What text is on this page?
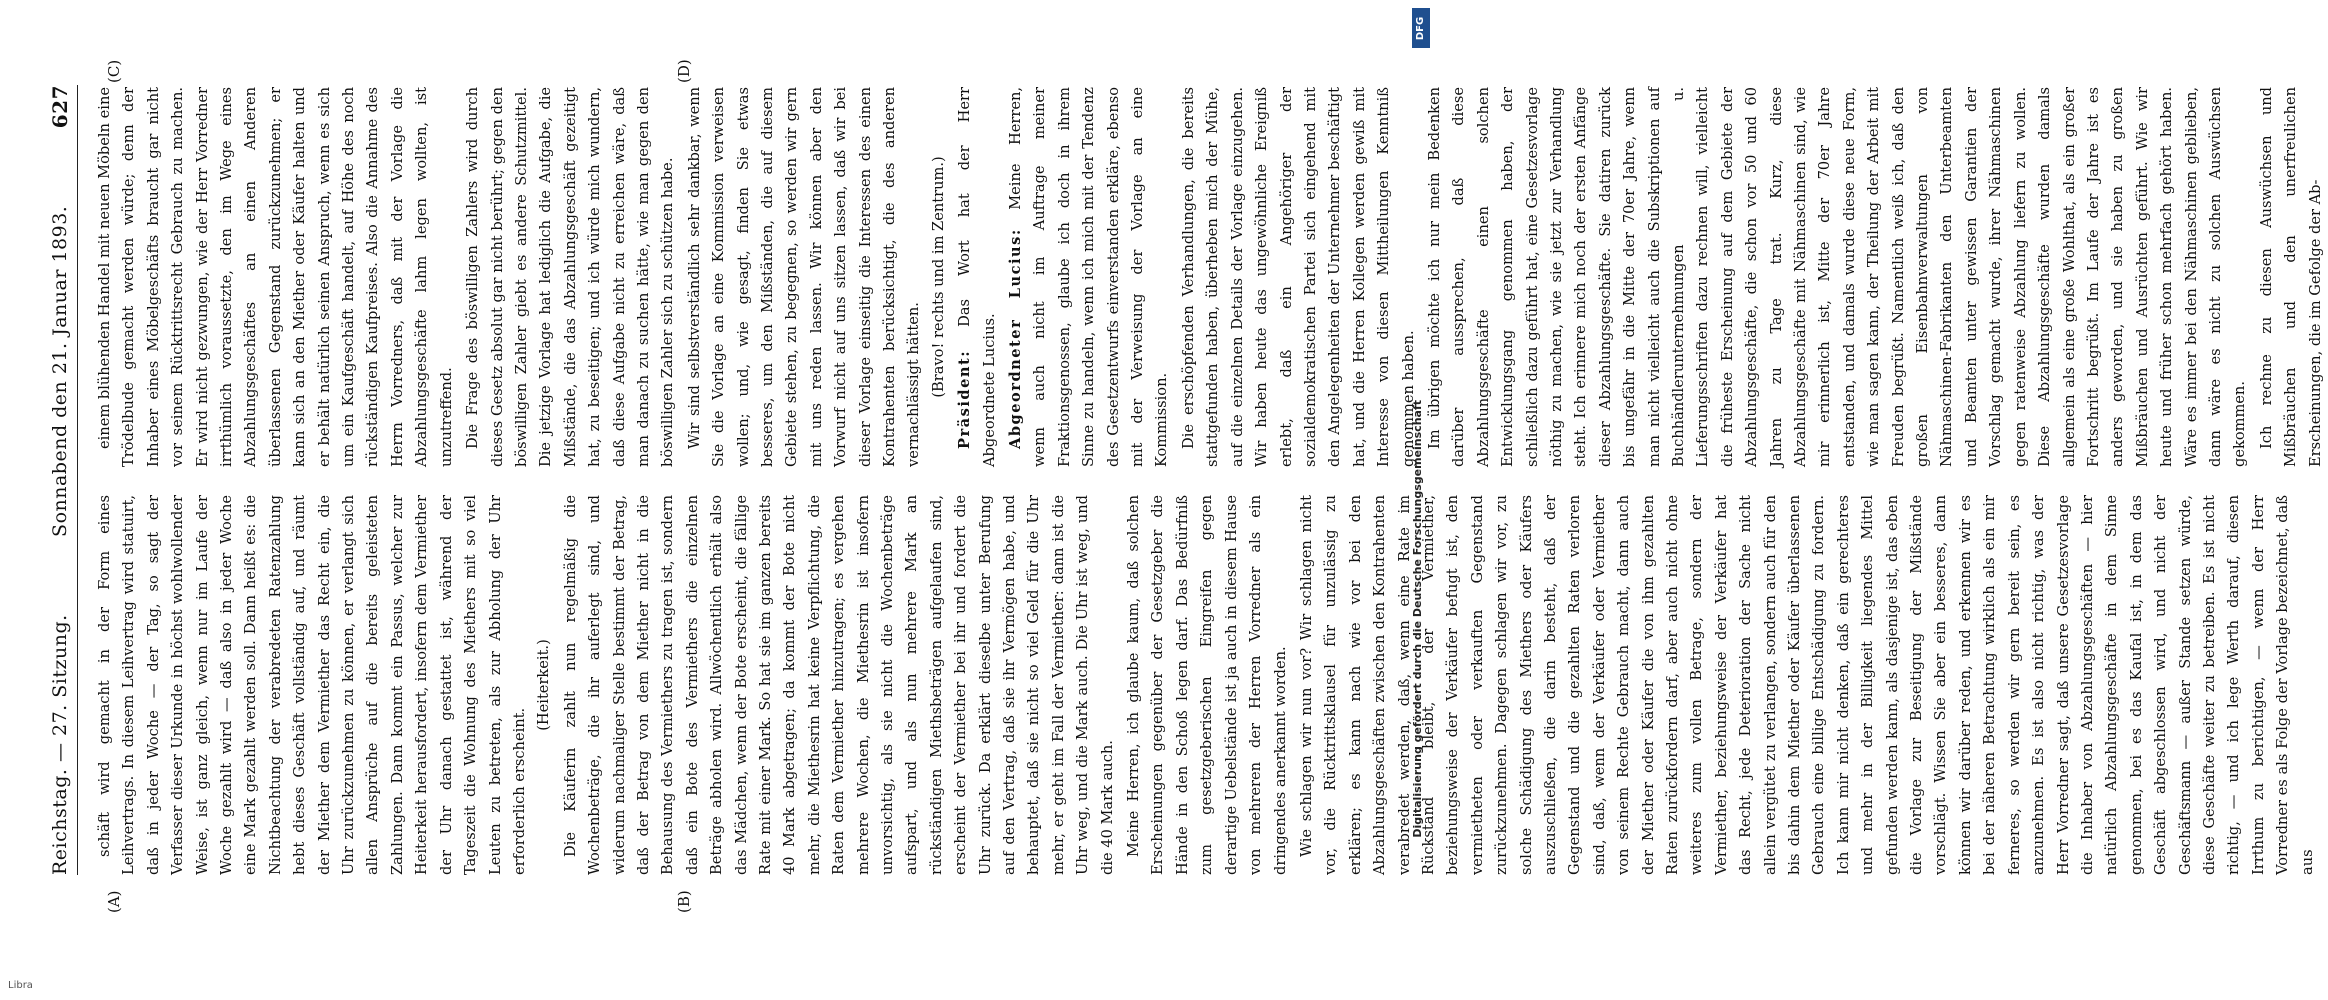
Reichstag. — 27. Sitzung.
Sonnabend den 21. Januar 1893.
627
(A)	(B)
(C)	(D)

schäft wird gemacht in der Form eines Leihvertrags. In diesem Leihvertrag wird statuirt, daß in jeder Woche — der Tag, so sagt der Verfasser dieser Urkunde in höchst wohlwollender Weise, ist ganz gleich, wenn nur im Laufe der Woche gezahlt wird — daß also in jeder Woche eine Mark gezahlt werden soll. Dann heißt es: die Nichtbeachtung der verabredeten Ratenzahlung hebt dieses Geschäft vollständig auf, und räumt der Miether dem Vermiether das Recht ein, die Uhr zurückzunehmen zu können, er verlangt sich allen Ansprüche auf die bereits geleisteten Zahlungen. Dann kommt ein Passus, welcher zur Heiterkeit herausfordert, insofern dem Vermiether der Uhr danach gestattet ist, während der Tageszeit die Wohnung des Miethers mit so viel Leuten zu betreten, als zur Abholung der Uhr erforderlich erscheint.

(Heiterkeit.) Die Käuferin zahlt nun regelmäßig die Wochenbeträge, die ihr auferlegt sind, und widerum nachmaliger Stelle bestimmt der Betrag, daß der Betrag von dem Miether nicht in die Behausung des Vermiethers zu tragen ist, sondern daß ein Bote des Vermiethers die einzelnen Beträge abholen wird. Allwöchentlich erhält also das Mädchen, wenn der Bote erscheint, die fällige Rate mit einer Mark. So hat sie im ganzen bereits 40 Mark abgetragen; da kommt der Bote nicht mehr, die Miethesrin hat keine Verpflichtung, die Raten dem Vermiether hinzutragen; es vergehen mehrere Wochen, die Miethesrin ist insofern unvorsichtig, als sie nicht die Wochenbeträge aufspart, und als nun mehrere Mark an rückständigen Miethsbeträgen aufgelaufen sind, erscheint der Vermiether bei ihr und fordert die Uhr zurück. Da erklärt dieselbe unter Berufung auf den Vertrag, daß sie ihr Vermögen habe, und behauptet, daß sie nicht so viel Geld für die Uhr mehr, er geht im Fall der Vermiether: dann ist die Uhr weg, und die Mark auch. Die Uhr ist weg, und die 40 Mark auch. Meine Herren, ich glaube kaum, daß solchen Erscheinungen gegenüber der Gesetzgeber die Hände in den Schoß legen darf. Das Bedürfniß zum gesetzgeberischen Eingreifen gegen derartige Uebelstände ist ja auch in diesem Hause von mehreren der Herren Vorredner als ein dringendes anerkannt worden. Wie schlagen wir nun vor? Wir schlagen nicht vor, die Rücktrittsklausel für unzulässig zu erklären; es kann nach wie vor bei den Abzahlungsgeschäften zwischen den Kontrahenten verabredet werden, daß, wenn eine Rate im Rückstand bleibt, der Vermiether, beziehungsweise der Verkäufer befugt ist, den vermietheten oder verkauften Gegenstand zurückzunehmen. Dagegen schlagen wir vor, zu solche Schädigung des Miethers oder Käufers auszuschließen, die darin besteht, daß der Gegenstand und die gezahlten Raten verloren sind, daß, wenn der Verkäufer oder Vermiether von seinem Rechte Gebrauch macht, dann auch der Miether oder Käufer die von ihm gezahlten Raten zurückfordern darf, aber auch nicht ohne weiteres zum vollen Betrage, sondern der Vermiether, beziehungsweise der Verkäufer hat das Recht, jede Deterioration der Sache nicht allein vergütet zu verlangen, sondern auch für den bis dahin dem Miether oder Käufer überlassenen Gebrauch eine billige Entschädigung zu fordern. Ich kann mir nicht denken, daß ein gerechteres und mehr in der Billigkeit liegendes Mittel gefunden werden kann, als dasjenige ist, das eben die Vorlage zur Beseitigung der Mißstände vorschlägt. Wissen Sie aber ein besseres, dann können wir darüber reden, und erkennen wir es bei der näheren Betrachtung wirklich als ein mir ferneres, so werden wir gern bereit sein, es anzunehmen. Es ist also nicht richtig, was der Herr Vorredner sagt, daß unsere Gesetzesvorlage die Inhaber von Abzahlungsgeschäften — hier natürlich Abzahlungsgeschäfte in dem Sinne genommen, bei es das Kaufal ist, in dem das Geschäft abgeschlossen wird, und nicht der Geschäftsmann — außer Stande setzen würde, diese Geschäfte weiter zu betreiben. Es ist nicht richtig, — und ich lege Werth darauf, diesen Irrthum zu berichtigen, — wenn der Herr Vorredner es als Folge der Vorlage bezeichnet, daß aus

einem blühenden Handel mit neuen Möbeln eine Trödelbude gemacht werden würde; denn der Inhaber eines Möbelgeschäfts braucht gar nicht vor seinem Rücktrittsrecht Gebrauch zu machen. Er wird nicht gezwungen, wie der Herr Vorredner irrthümlich voraussetzte, den im Wege eines Abzahlungsgeschäftes an einen Anderen überlassenen Gegenstand zurückzunehmen; er kann sich an den Miether oder Käufer halten und er behält natürlich seinen Anspruch, wenn es sich um ein Kaufgeschäft handelt, auf Höhe des noch rückständigen Kaufpreises. Also die Annahme des Herrn Vorredners, daß mit der Vorlage die Abzahlungsgeschäfte lahm legen wollten, ist unzutreffend. Die Frage des böswilligen Zahlers wird durch dieses Gesetz absolut gar nicht berührt; gegen den böswilligen Zahler giebt es andere Schutzmittel. Die jetzige Vorlage hat lediglich die Aufgabe, die Mißstände, die das Abzahlungsgeschäft gezeitigt hat, zu beseitigen; und ich würde mich wundern, daß diese Aufgabe nicht zu erreichen wäre, daß man danach zu suchen hätte, wie man gegen den böswilligen Zahler sich zu schützen habe. Wir sind selbstverständlich sehr dankbar, wenn Sie die Vorlage an eine Kommission verweisen wollen; und, wie gesagt, finden Sie etwas besseres, um den Mißständen, die auf diesem Gebiete stehen, zu begegnen, so werden wir gern mit uns reden lassen. Wir können aber den Vorwurf nicht auf uns sitzen lassen, daß wir bei dieser Vorlage einseitig die Interessen des einen Kontrahenten berücksichtigt, die des anderen vernachlässigt hätten. (Bravo! rechts und im Zentrum.)

Präsident: Das Wort hat der Herr Abgeordnete Lucius. Abgeordneter Lucius: Meine Herren, wenn auch nicht im Auftrage meiner Fraktionsgenossen, glaube ich doch in ihrem Sinne zu handeln, wenn ich mich mit der Tendenz des Gesetzentwurfs einverstanden erkläre, ebenso mit der Verweisung der Vorlage an eine Kommission. Die erschöpfenden Verhandlungen, die bereits stattgefunden haben, überheben mich der Mühe, auf die einzelnen Details der Vorlage einzugehen. Wir haben heute das ungewöhnliche Ereigniß erlebt, daß ein Angehöriger der sozialdemokratischen Partei sich eingehend mit den Angelegenheiten der Unternehmer beschäftigt hat, und die Herren Kollegen werden gewiß mit Interesse von diesen Mittheilungen Kenntniß genommen haben. Im übrigen möchte ich nur mein Bedenken darüber aussprechen, daß diese Abzahlungsgeschäfte einen solchen Entwicklungsgang genommen haben, der schließlich dazu geführt hat, eine Gesetzesvorlage nöthig zu machen, wie sie jetzt zur Verhandlung steht. Ich erinnere mich noch der ersten Anfänge dieser Abzahlungsgeschäfte. Sie datiren zurück bis ungefähr in die Mitte der 70er Jahre, wenn man nicht vielleicht auch die Subskriptionen auf Buchhändlerunternehmungen u. Lieferungsschriften dazu rechnen will, vielleicht die früheste Erscheinung auf dem Gebiete der Abzahlungsgeschäfte, die schon vor 50 und 60 Jahren zu Tage trat. Kurz, diese Abzahlungsgeschäfte mit Nähmaschinen sind, wie mir erinnerlich ist, Mitte der 70er Jahre entstanden, und damals wurde diese neue Form, wie man sagen kann, der Theilung der Arbeit mit Freuden begrüßt. Namentlich weiß ich, daß den großen Eisenbahnverwaltungen von Nähmaschinen-Fabrikanten den Unterbeamten und Beamten unter gewissen Garantien der Vorschlag gemacht wurde, ihrer Nähmaschinen gegen ratenweise Abzahlung liefern zu wollen. Diese Abzahlungsgeschäfte wurden damals allgemein als eine große Wohlthat, als ein großer Fortschritt begrüßt. Im Laufe der Jahre ist es anders geworden, und sie haben zu großen Mißbräuchen und Ausrüchten geführt. Wie wir heute und früher schon mehrfach gehört haben. Wäre es immer bei den Nähmaschinen geblieben, dann wäre es nicht zu solchen Auswüchsen gekommen. Ich rechne zu diesen Auswüchsen und Mißbräuchen und den unerfreulichen Erscheinungen, die im Gefolge der Ab-

DFG
Digitalisierung gefördert durch die Deutsche Forschungsgemeinschaft
Libra
